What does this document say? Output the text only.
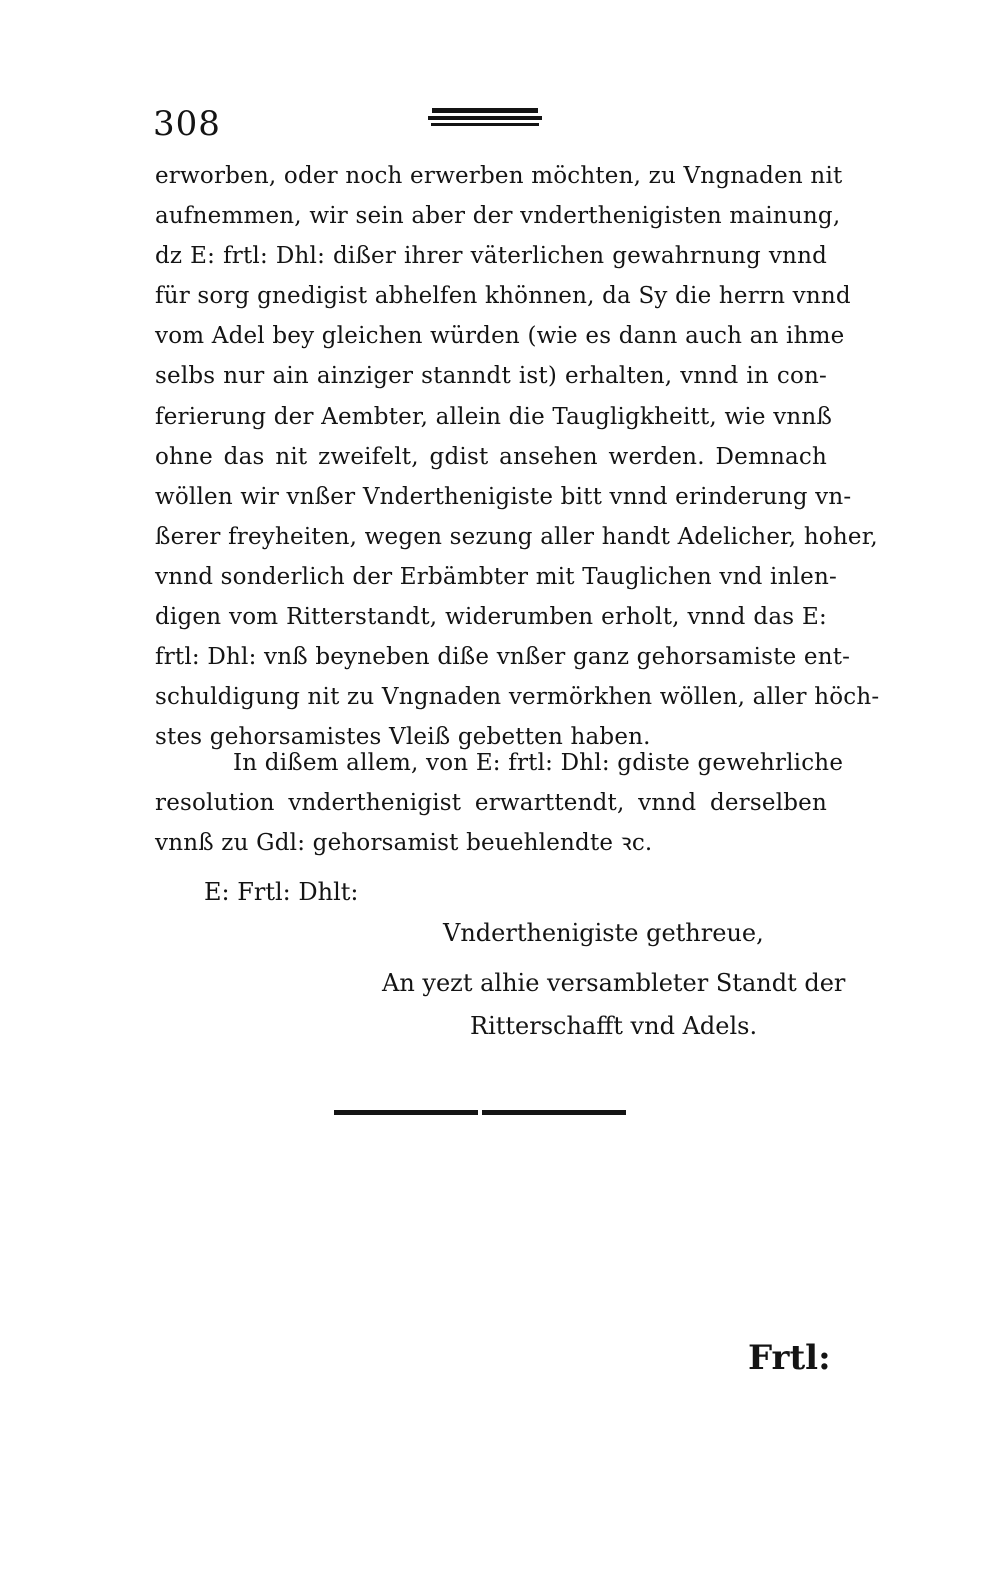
308
erworben, oder noch erwerben möchten, zu Vngnaden nit
aufnemmen, wir sein aber der vnderthenigisten mainung,
dz E: frtl: Dhl: dißer ihrer väterlichen gewahrnung vnnd
für sorg gnedigist abhelfen khönnen, da Sy die herrn vnnd
vom Adel bey gleichen würden (wie es dann auch an ihme
selbs nur ain ainziger stanndt ist) erhalten, vnnd in con-
ferierung der Aembter, allein die Taugligkheitt, wie vnnß
ohne das nit zweifelt, gdist ansehen werden. Demnach
wöllen wir vnßer Vnderthenigiste bitt vnnd erinderung vn-
ßerer freyheiten, wegen sezung aller handt Adelicher, hoher,
vnnd sonderlich der Erbämbter mit Tauglichen vnd inlen-
digen vom Ritterstandt, widerumben erholt, vnnd das E:
frtl: Dhl: vnß beyneben diße vnßer ganz gehorsamiste ent-
schuldigung nit zu Vngnaden vermörkhen wöllen, aller höch-
stes gehorsamistes Vleiß gebetten haben.
In dißem allem, von E: frtl: Dhl: gdiste gewehrliche
resolution vnderthenigist erwarttendt, vnnd derselben
vnnß zu Gdl: gehorsamist beuehlendte ꝛc.
E: Frtl: Dhlt:
Vnderthenigiste gethreue,
An yezt alhie versambleter Standt der
Ritterschafft vnd Adels.
Frtl:
